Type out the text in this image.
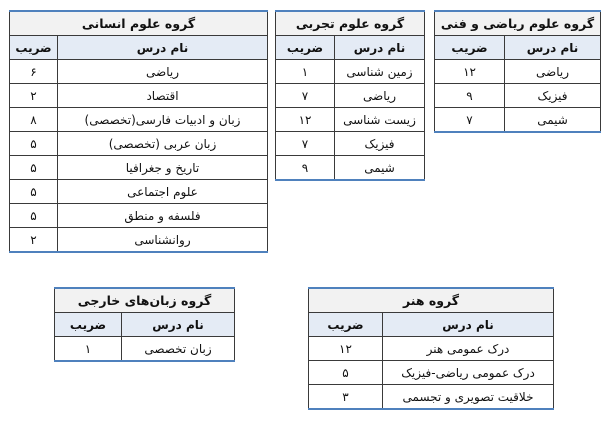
گروه علوم ریاضی و فنی	
نام درس	ضریب
ریاضی	۱۲
فیزیک	۹
شیمی	۷
گروه علوم تجربی	
نام درس	ضریب
زمین شناسی	۱
ریاضی	۷
زیست شناسی	۱۲
فیزیک	۷
شیمی	۹
گروه علوم انسانی	
نام درس	ضریب
ریاضی	۶
اقتصاد	۲
زبان و ادبیات فارسی(تخصصی)	۸
زبان عربی (تخصصی)	۵
تاریخ و جغرافیا	۵
علوم اجتماعی	۵
فلسفه و منطق	۵
روانشناسی	۲
گروه زبان‌های خارجی	
نام درس	ضریب
زبان تخصصی	۱
گروه هنر	
نام درس	ضریب
درک عمومی هنر	۱۲
درک عمومی ریاضی-فیزیک	۵
خلاقیت تصویری و تجسمی	۳
